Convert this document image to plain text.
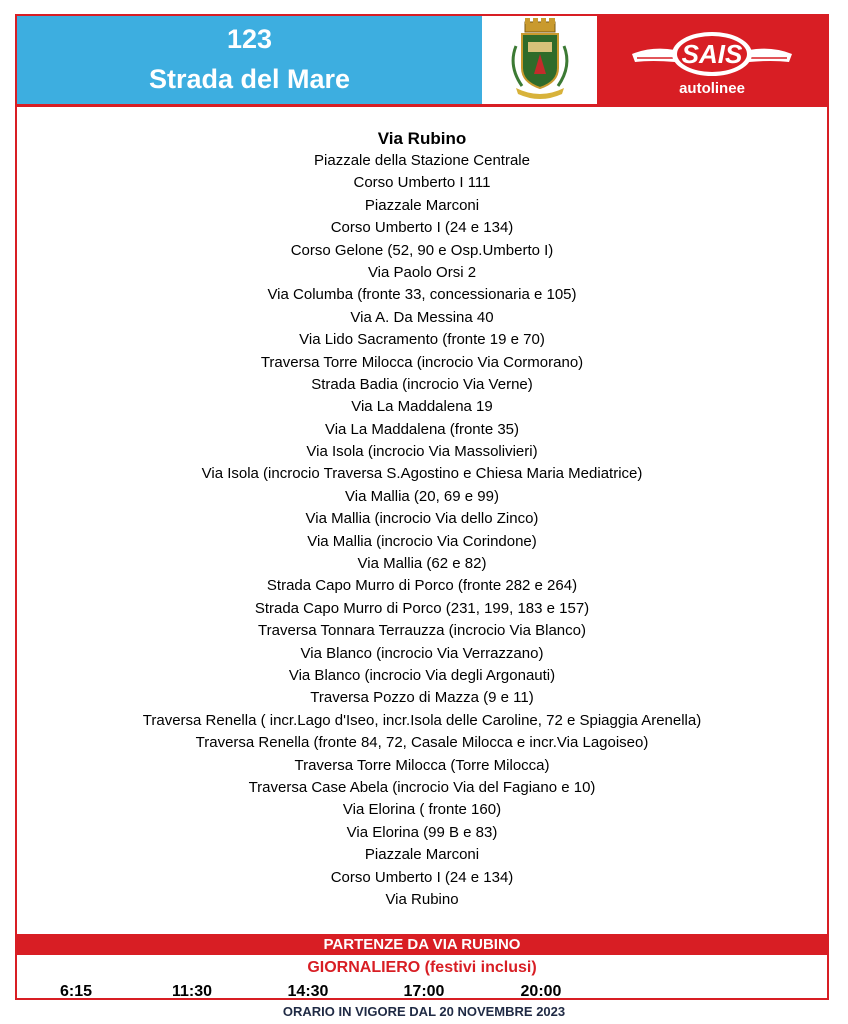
123
Strada del Mare
SAIS
autolinee
Via Rubino
Piazzale della Stazione Centrale
Corso Umberto I 111
Piazzale Marconi
Corso Umberto I (24 e 134)
Corso Gelone (52, 90 e Osp.Umberto I)
Via Paolo Orsi 2
Via Columba (fronte 33, concessionaria e 105)
Via A. Da Messina 40
Via Lido Sacramento (fronte 19 e 70)
Traversa Torre Milocca (incrocio Via Cormorano)
Strada Badia (incrocio Via Verne)
Via La Maddalena 19
Via La Maddalena (fronte 35)
Via Isola (incrocio Via Massolivieri)
Via Isola (incrocio Traversa S.Agostino e Chiesa Maria Mediatrice)
Via Mallia (20, 69 e 99)
Via Mallia (incrocio Via dello Zinco)
Via Mallia (incrocio Via Corindone)
Via Mallia (62 e 82)
Strada Capo Murro di Porco (fronte 282 e 264)
Strada Capo Murro di Porco (231, 199, 183 e 157)
Traversa Tonnara Terrauzza (incrocio Via Blanco)
Via Blanco (incrocio Via Verrazzano)
Via Blanco (incrocio Via degli Argonauti)
Traversa Pozzo di Mazza (9 e 11)
Traversa Renella ( incr.Lago d'Iseo, incr.Isola delle Caroline, 72 e Spiaggia Arenella)
Traversa Renella (fronte 84, 72, Casale Milocca e incr.Via Lagoiseo)
Traversa Torre Milocca (Torre Milocca)
Traversa Case Abela (incrocio Via del Fagiano e 10)
Via Elorina ( fronte 160)
Via Elorina (99 B e 83)
Piazzale Marconi
Corso Umberto I (24 e 134)
Via Rubino
PARTENZE DA VIA RUBINO
GIORNALIERO (festivi inclusi)
6:15	11:30	14:30	17:00	20:00
ORARIO IN VIGORE DAL 20 NOVEMBRE 2023
